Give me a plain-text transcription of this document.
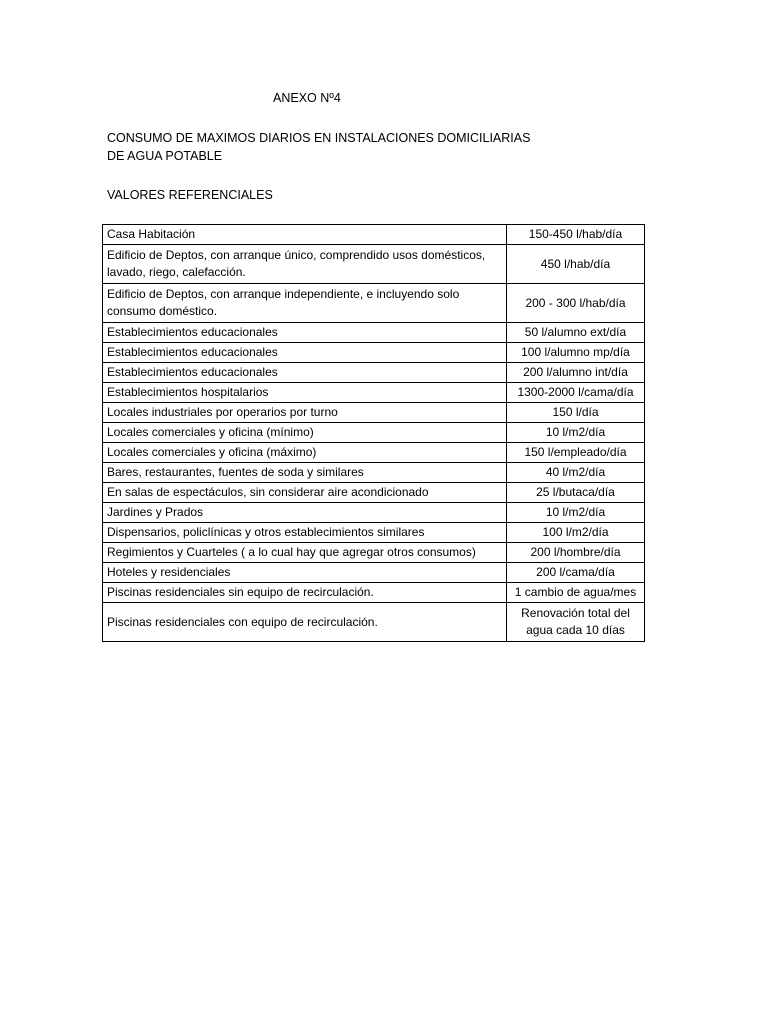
ANEXO Nº4
CONSUMO DE MAXIMOS DIARIOS EN INSTALACIONES DOMICILIARIAS
DE AGUA POTABLE
VALORES REFERENCIALES
Casa Habitación	150-450 l/hab/día
Edificio de Deptos, con arranque único, comprendido usos domésticos, lavado, riego, calefacción.	450 l/hab/día
Edificio de Deptos, con arranque independiente, e incluyendo solo consumo doméstico.	200 - 300 l/hab/día
Establecimientos educacionales	50 l/alumno ext/día
Establecimientos educacionales	100 l/alumno mp/día
Establecimientos educacionales	200 l/alumno int/día
Establecimientos hospitalarios	1300-2000 l/cama/día
Locales industriales por operarios por turno	150 l/día
Locales comerciales y oficina (mínimo)	10 l/m2/día
Locales comerciales y oficina (máximo)	150 l/empleado/día
Bares, restaurantes, fuentes de soda y similares	40 l/m2/día
En salas de espectáculos, sin considerar aire acondicionado	25 l/butaca/día
Jardines y Prados	10 l/m2/día
Dispensarios, policlínicas y otros establecimientos similares	100 l/m2/día
Regimientos y Cuarteles ( a lo cual hay que agregar otros consumos)	200 l/hombre/día
Hoteles y residenciales	200 l/cama/día
Piscinas residenciales sin equipo de recirculación.	1 cambio de agua/mes
Piscinas residenciales con equipo de recirculación.	Renovación total del agua cada 10 días
